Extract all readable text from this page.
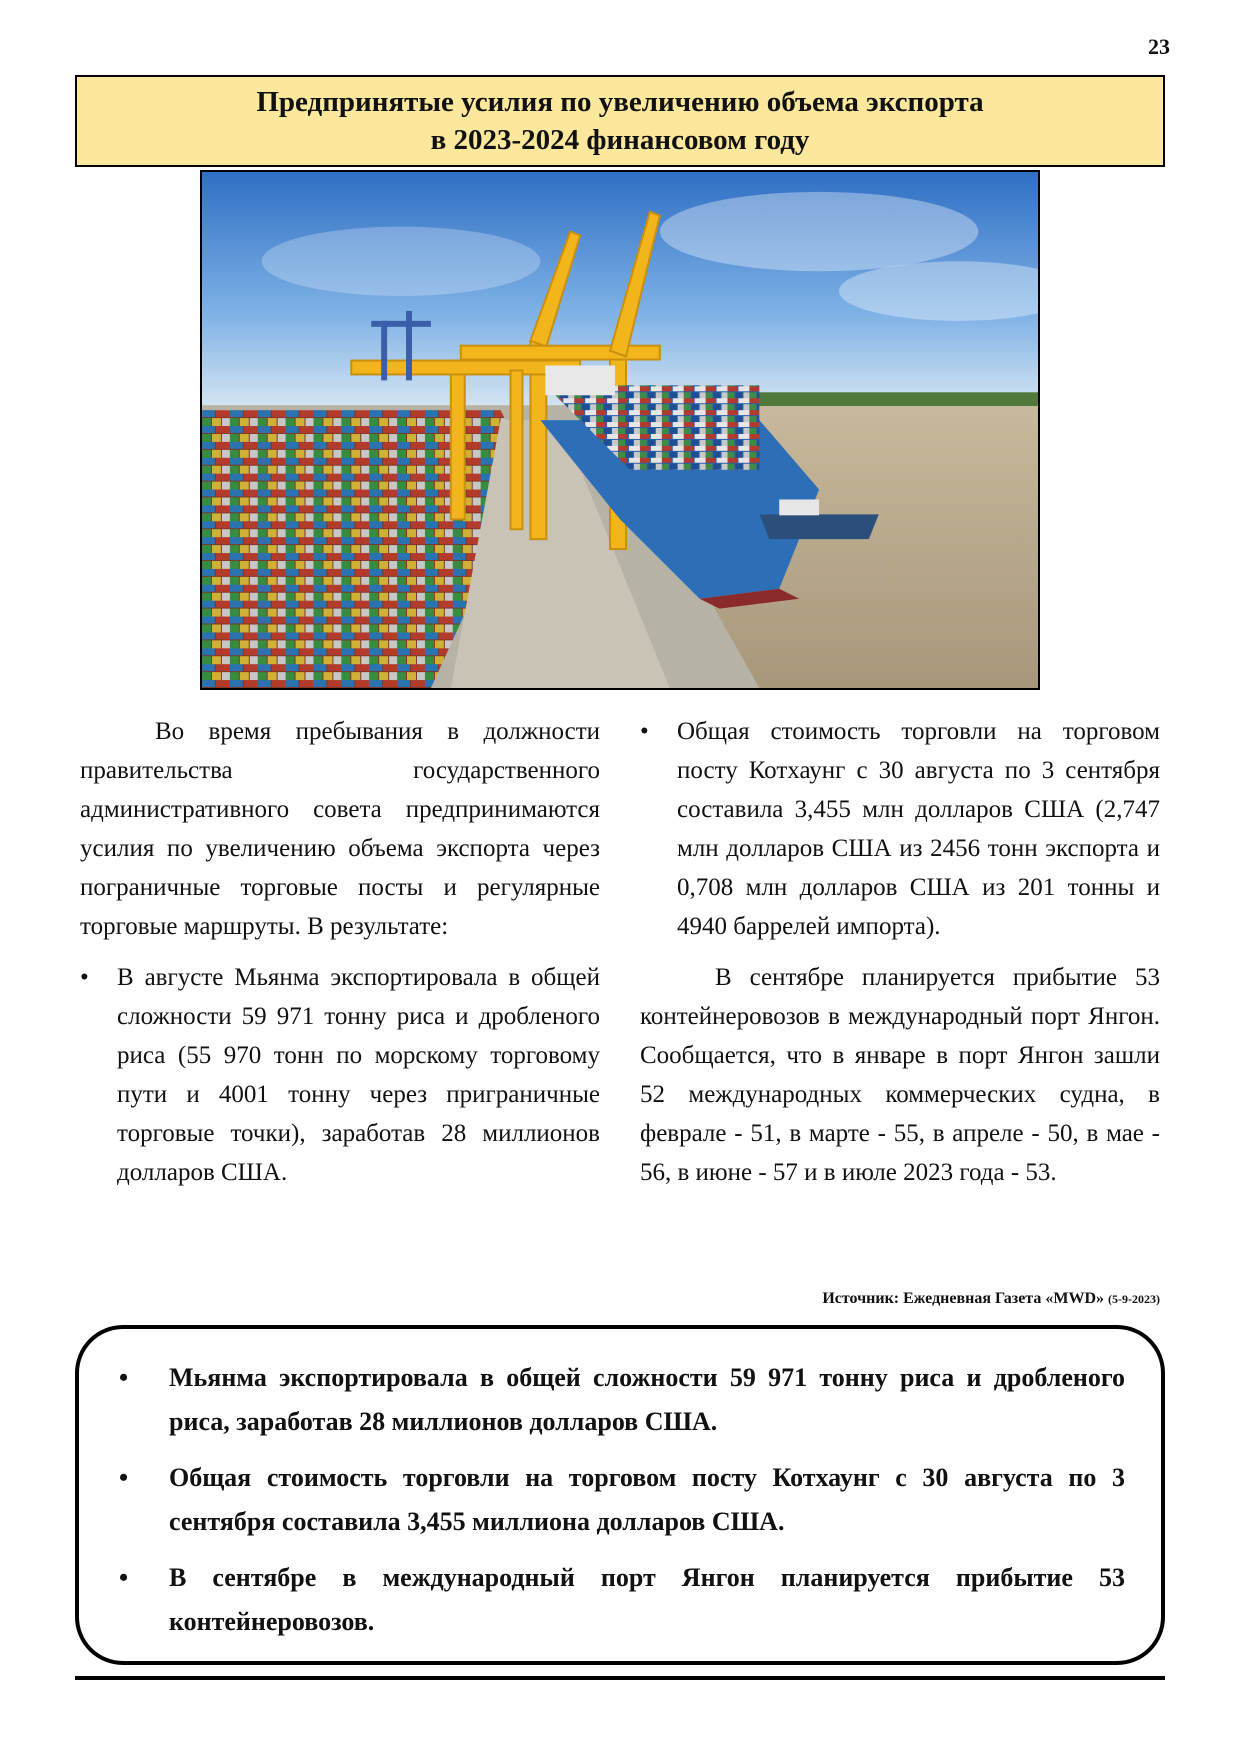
23
Предпринятые усилия по увеличению объема экспорта
в 2023-2024 финансовом году

Во время пребывания в должности правительства государственного административного совета предпринимаются усилия по увеличению объема экспорта через пограничные торговые посты и регулярные торговые маршруты. В результате:

• В августе Мьянма экспортировала в общей сложности 59 971 тонну риса и дробленого риса (55 970 тонн по морскому торговому пути и 4001 тонну через приграничные торговые точки), заработав 28 миллионов долларов США.
• Общая стоимость торговли на торговом посту Котхаунг с 30 августа по 3 сентября составила 3,455 млн долларов США (2,747 млн долларов США из 2456 тонн экспорта и 0,708 млн долларов США из 201 тонны и 4940 баррелей импорта).

В сентябре планируется прибытие 53 контейнеровозов в международный порт Янгон. Сообщается, что в январе в порт Янгон зашли 52 международных коммерческих судна, в феврале - 51, в марте - 55, в апреле - 50, в мае - 56, в июне - 57 и в июле 2023 года - 53.

Источник: Ежедневная Газета «MWD» (5-9-2023)
• Мьянма экспортировала в общей сложности 59 971 тонну риса и дробленого риса, заработав 28 миллионов долларов США.
• Общая стоимость торговли на торговом посту Котхаунг с 30 августа по 3 сентября составила 3,455 миллиона долларов США.
• В сентябре в международный порт Янгон планируется прибытие 53 контейнеровозов.
